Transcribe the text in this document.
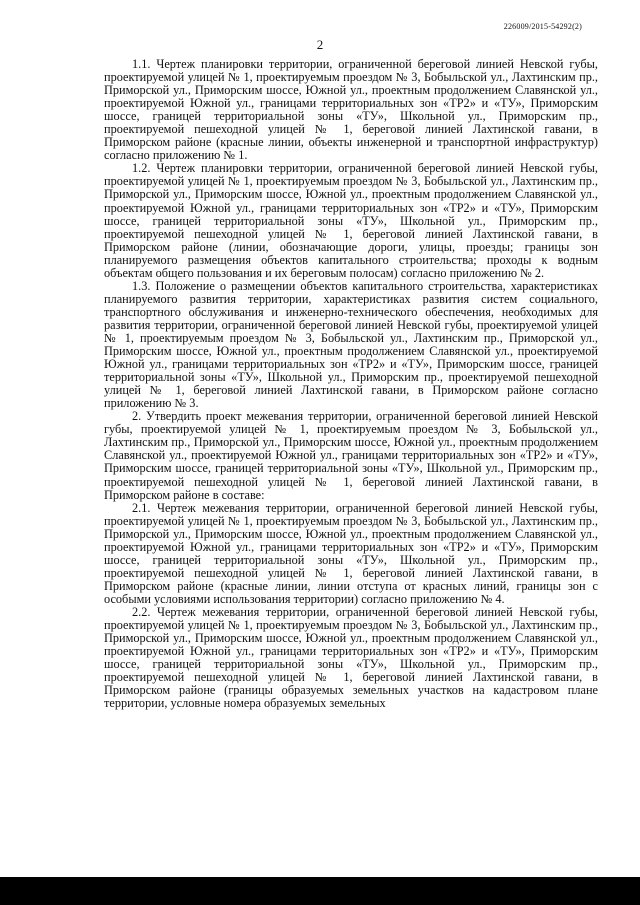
226009/2015-54292(2)
2

1.1. Чертеж планировки территории, ограниченной береговой линией Невской губы, проектируемой улицей № 1, проектируемым проездом № 3, Бобыльской ул., Лахтинским пр., Приморской ул., Приморским шоссе, Южной ул., проектным продолжением Славянской ул., проектируемой Южной ул., границами территориальных зон «ТР2» и «ТУ», Приморским шоссе, границей территориальной зоны «ТУ», Школьной ул., Приморским пр., проектируемой пешеходной улицей № 1, береговой линией Лахтинской гавани, в Приморском районе (красные линии, объекты инженерной и транспортной инфраструктур) согласно приложению № 1.

1.2. Чертеж планировки территории, ограниченной береговой линией Невской губы, проектируемой улицей № 1, проектируемым проездом № 3, Бобыльской ул., Лахтинским пр., Приморской ул., Приморским шоссе, Южной ул., проектным продолжением Славянской ул., проектируемой Южной ул., границами территориальных зон «ТР2» и «ТУ», Приморским шоссе, границей территориальной зоны «ТУ», Школьной ул., Приморским пр., проектируемой пешеходной улицей № 1, береговой линией Лахтинской гавани, в Приморском районе (линии, обозначающие дороги, улицы, проезды; границы зон планируемого размещения объектов капитального строительства; проходы к водным объектам общего пользования и их береговым полосам) согласно приложению № 2.

1.3. Положение о размещении объектов капитального строительства, характеристиках планируемого развития территории, характеристиках развития систем социального, транспортного обслуживания и инженерно-технического обеспечения, необходимых для развития территории, ограниченной береговой линией Невской губы, проектируемой улицей № 1, проектируемым проездом № 3, Бобыльской ул., Лахтинским пр., Приморской ул., Приморским шоссе, Южной ул., проектным продолжением Славянской ул., проектируемой Южной ул., границами территориальных зон «ТР2» и «ТУ», Приморским шоссе, границей территориальной зоны «ТУ», Школьной ул., Приморским пр., проектируемой пешеходной улицей № 1, береговой линией Лахтинской гавани, в Приморском районе согласно приложению № 3.

2. Утвердить проект межевания территории, ограниченной береговой линией Невской губы, проектируемой улицей № 1, проектируемым проездом № 3, Бобыльской ул., Лахтинским пр., Приморской ул., Приморским шоссе, Южной ул., проектным продолжением Славянской ул., проектируемой Южной ул., границами территориальных зон «ТР2» и «ТУ», Приморским шоссе, границей территориальной зоны «ТУ», Школьной ул., Приморским пр., проектируемой пешеходной улицей № 1, береговой линией Лахтинской гавани, в Приморском районе в составе:

2.1. Чертеж межевания территории, ограниченной береговой линией Невской губы, проектируемой улицей № 1, проектируемым проездом № 3, Бобыльской ул., Лахтинским пр., Приморской ул., Приморским шоссе, Южной ул., проектным продолжением Славянской ул., проектируемой Южной ул., границами территориальных зон «ТР2» и «ТУ», Приморским шоссе, границей территориальной зоны «ТУ», Школьной ул., Приморским пр., проектируемой пешеходной улицей № 1, береговой линией Лахтинской гавани, в Приморском районе (красные линии, линии отступа от красных линий, границы зон с особыми условиями использования территории) согласно приложению № 4.

2.2. Чертеж межевания территории, ограниченной береговой линией Невской губы, проектируемой улицей № 1, проектируемым проездом № 3, Бобыльской ул., Лахтинским пр., Приморской ул., Приморским шоссе, Южной ул., проектным продолжением Славянской ул., проектируемой Южной ул., границами территориальных зон «ТР2» и «ТУ», Приморским шоссе, границей территориальной зоны «ТУ», Школьной ул., Приморским пр., проектируемой пешеходной улицей № 1, береговой линией Лахтинской гавани, в Приморском районе (границы образуемых земельных участков на кадастровом плане территории, условные номера образуемых земельных
